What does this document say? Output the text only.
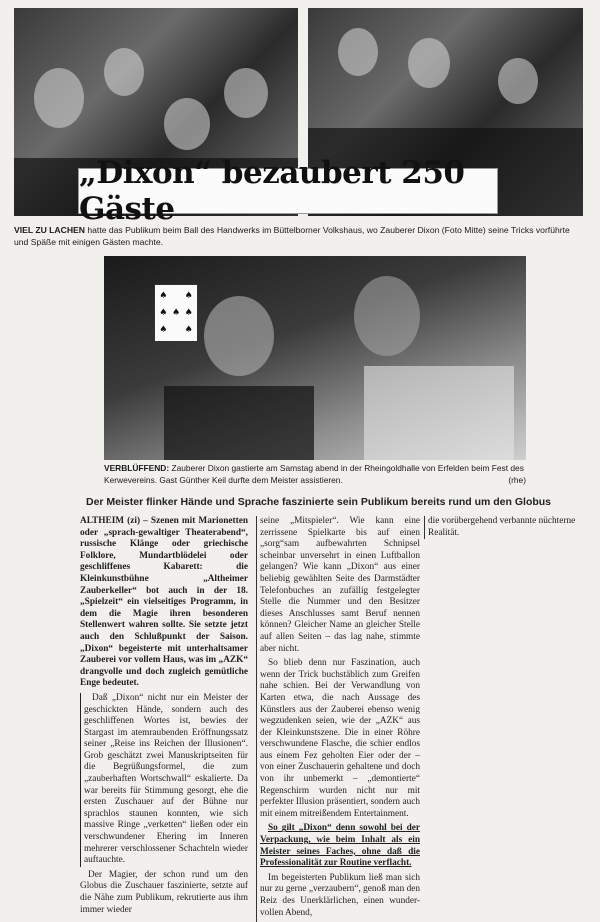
„Dixon“ bezaubert 250 Gäste
VIEL ZU LACHEN hatte das Publikum beim Ball des Handwerks im Büttelborner Volkshaus, wo Zauberer Dixon (Foto Mitte) seine Tricks vorführte und Späße mit einigen Gästen machte.
♠ ♠
♠ ♠ ♠
♠ ♠
VERBLÜFFEND: Zauberer Dixon gastierte am Samstag abend in der Rheingoldhalle von Erfelden beim Fest des Kerwevereins. Gast Günther Keil durfte dem Meister assistieren.	(rhe)
Der Meister flinker Hände und Sprache faszinierte sein Publikum bereits rund um den Globus

ALTHEIM (zi) – Szenen mit Marionetten oder „sprach-gewaltiger Theaterabend“, russische Klänge oder griechische Folklore, Mundartblödelei oder geschliffenes Kabarett: die Kleinkunstbühne „Altheimer Zauberkeller“ bot auch in der 18. „Spielzeit“ ein vielseitiges Programm, in dem die Magie ihren besonderen Stellenwert wahren sollte. Sie setzte jetzt auch den Schlußpunkt der Saison. „Dixon“ begeisterte mit unterhaltsamer Zauberei vor vollem Haus, was im „AZK“ drangvolle und doch zugleich gemütliche Enge bedeutet.

Daß „Dixon“ nicht nur ein Meister der geschickten Hände, sondern auch des geschliffenen Wortes ist, bewies der Stargast im atemraubenden Eröffnungssatz seiner „Reise ins Reichen der Illusionen“. Grob geschätzt zwei Manuskriptseiten für die Begrüßungsformel, die zum „zauberhaften Wortschwall“ eskalierte. Da war bereits für Stimmung gesorgt, ehe die ersten Zuschauer auf der Bühne nur sprachlos staunen konnten, wie sich massive Ringe „verketten“ ließen oder ein verschwundener Ehering im Inneren mehrerer verschlossener Schachteln wieder auftauchte.

Der Magier, der schon rund um den Globus die Zuschauer faszinierte, setzte auf die Nähe zum Publikum, rekrutierte aus ihm immer wieder

seine „Mitspieler“. Wie kann eine zerrissene Spielkarte bis auf einen „sorg“sam aufbewahrten Schnipsel scheinbar unversehrt in einen Luftballon gelangen? Wie kann „Dixon“ aus einer beliebig gewählten Seite des Darmstädter Telefonbuches an zufällig festgelegter Stelle die Nummer und den Besitzer dieses Anschlusses samt Beruf nennen können? Gleicher Name an gleicher Stelle auf allen Seiten – das lag nahe, stimmte aber nicht.

So blieb denn nur Faszination, auch wenn der Trick buchstäblich zum Greifen nahe schien. Bei der Verwandlung von Karten etwa, die nach Aussage des Künstlers aus der Zauberei ebenso wenig wegzudenken seien, wie der „AZK“ aus der Kleinkunstszene. Die in einer Röhre verschwundene Flasche, die schier endlos aus einem Fez geholten Eier oder der – von einer Zuschauerin gehaltene und doch von ihr unbemerkt – „demontierte“ Regenschirm wurden nicht nur mit perfekter Illusion präsentiert, sondern auch mit einem mitreißendem Entertainment.

So gilt „Dixon“ denn sowohl bei der Verpackung, wie beim Inhalt als ein Meister seines Faches, ohne daß die Professionalität zur Routine verflacht.

Im begeisterten Publikum ließ man sich nur zu gerne „verzaubern“, genoß man den Reiz des Unerklärlichen, einen wunder-vollen Abend,

die vorübergehend verbannte nüchterne Realität.
